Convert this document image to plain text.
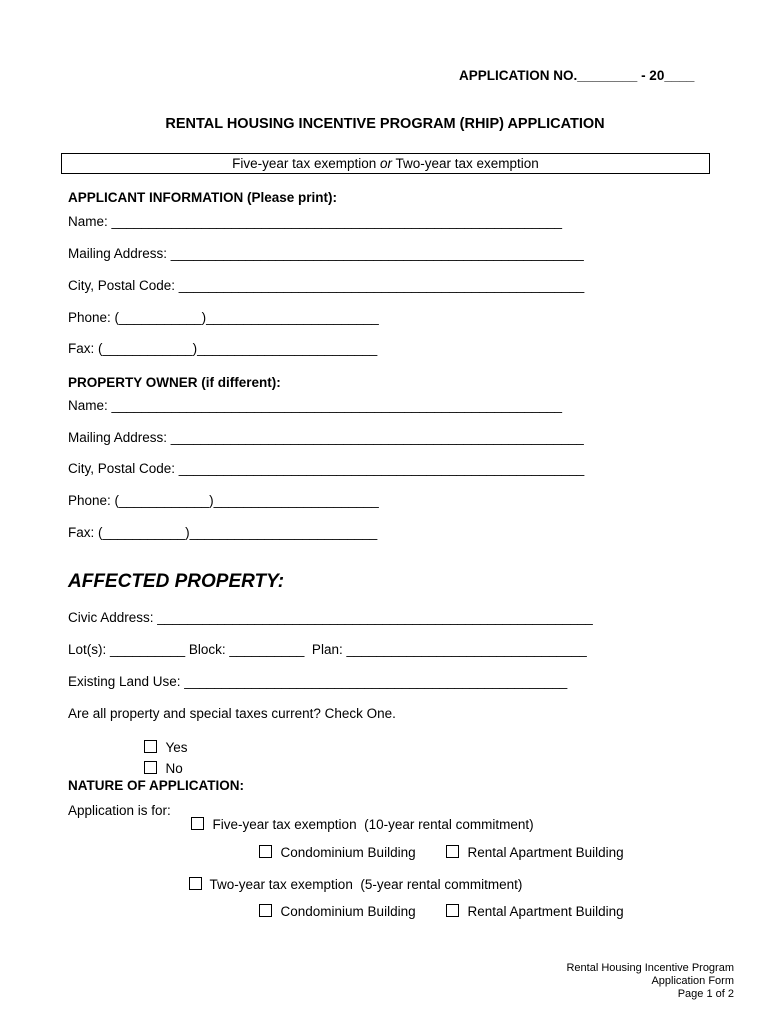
APPLICATION NO.________ - 20____
RENTAL HOUSING INCENTIVE PROGRAM (RHIP) APPLICATION
Five-year tax exemption or Two-year tax exemption
APPLICANT INFORMATION (Please print):
Name: ____________________________________________________________
Mailing Address: _______________________________________________________
City, Postal Code: ______________________________________________________
Phone: (___________)_______________________
Fax: (____________)________________________
PROPERTY OWNER (if different):
Name: ____________________________________________________________
Mailing Address: _______________________________________________________
City, Postal Code: ______________________________________________________
Phone: (____________)______________________
Fax: (___________)_________________________
AFFECTED PROPERTY:
Civic Address: __________________________________________________________
Lot(s): __________ Block: __________  Plan: ________________________________
Existing Land Use: ___________________________________________________
Are all property and special taxes current? Check One.

Yes

No

NATURE OF APPLICATION:
Application is for:

Five-year tax exemption  (10-year rental commitment)

Condominium Building	Rental Apartment Building

Two-year tax exemption  (5-year rental commitment)

Condominium Building	Rental Apartment Building

Rental Housing Incentive Program
Application Form
Page 1 of 2
